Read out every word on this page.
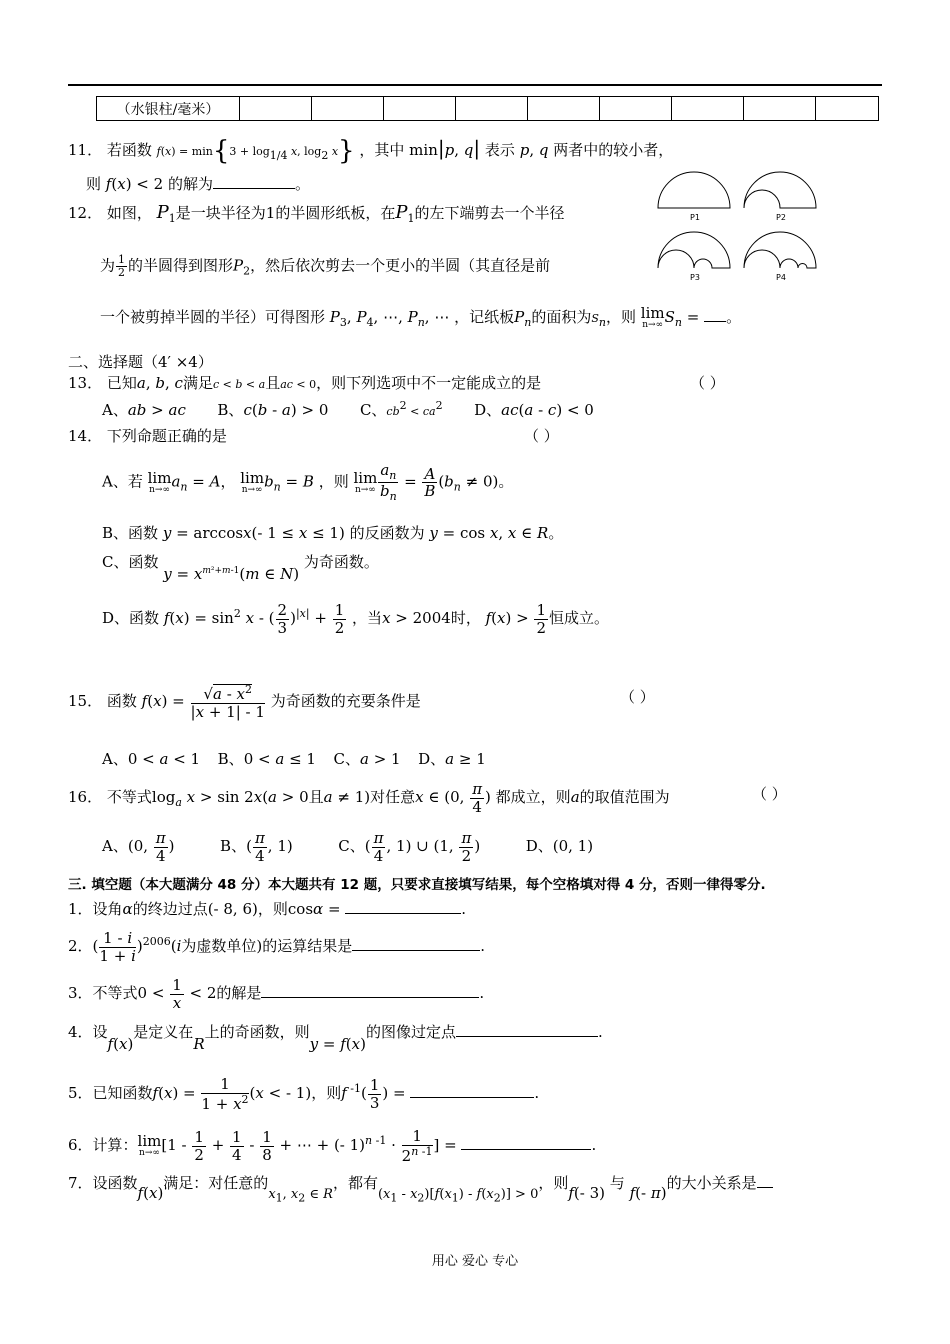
（水银柱/毫米）									
11． 若函数 $f(x) = \min\{3 + \log_{1/4} x$, $\log_2 x$} ，其中 min|p, q| 表示 p, q 两者中的较小者，
则 f(x) < 2 的解为	。
12． 如图， $P_1$是一块半径为1的半圆形纸板，在$P_1$的左下端剪去一个半径
为 $\frac{1}{2}$ 的半圆得到图形$P_2$，然后依次剪去一个更小的半圆（其直径是前
一个被剪掉半圆的半径）可得图形 $P_3$, $P_4$, ⋯, $P_n$, ⋯ ，记纸板$P_n$的面积为$S_n$，则 lim
n→∞ $S_n$ = 。
P1	P2
P3	P4
二、选择题（4′ ×4）
13． 已知a, b, c满足c < b < a且ac < 0，则下列选项中不一定能成立的是	（ ）
A、ab > ac B、c(b - a) > 0  C、$cb^2 < ca^2$ D、ac(a - c) < 0
14． 下列命题正确的是	（ ）
A、若 lim
n→∞ $a_n = A$， lim
n→∞ $b_n = B$ ，则 lim
$n\to\infty \frac{a_n}{b_n} = \frac{A}{B} (b_n \ne 0)$。
B、函数 y = arccosx(- 1 ≤ x ≤ 1) 的反函数为 y = cos x, x ∈ R。
C、函数 $y = x^{m^2+m-1}(m$ ∈ N) 为奇函数。
D、函数 $f(x) = \sin^2 x$ - ( $\frac{2}{3} )^{|x|} + \frac{1}{2}$ ，当x > 2004时， $f(x) > \frac{1}{2}$ 恒成立。
15． 函数 $f(x) = \frac{√a - x^2}{|x + 1| - 1}$ 为奇函数的充要条件是	（ ）
A、0 < a < 1  B、0 < a ≤ 1  C、a > 1  D、a ≥ 1
16． 不等式$\log_a x > \sin 2x(a > 0$且a ≠ 1)对任意x ∈ (0, $\frac{\pi}{4}$ ) 都成立，则a的取值范围为	（ ）
A、(0, $\frac{\pi}{4}$ )	B、( $\frac{\pi}{4}$ , 1)	C、( $\frac{\pi}{4}$ , 1) ∪ (1, $\frac{\pi}{2}$ )	D、(0, 1)
三. 填空题（本大题满分 48 分）本大题共有 12 题，只要求直接填写结果，每个空格填对得 4 分，否则一律得零分.
1．设角α的终边过点(- 8, 6)，则cosα =	.
2．( $\frac{1 - i}{1 + i} )^{2006}(i$为虚数单位)的运算结果是	.
3．不等式$0 < \frac{1}{x} < 2$的解是	.
4．设f(x)是定义在R上的奇函数，则y = f(x)的图像过定点	.
5．已知函数$f(x) = \frac{1}{1 + x^2} (x$ < - 1)，则f $^{-1}( \frac{1}{3}$ ) =	.
6．计算： lim
n→∞ [$1 - \frac{1}{2} + \frac{1}{4} - \frac{1}{8}$ + ⋯ + (- $1)^{n -1} \cdot \frac{1}{2^{n -1}}$ ] =	.
7．设函数f(x)满足：对任意的$x_1$, $x_2$ ∈ R，都有$(x_1 - x_2)[f(x_1) - f(x_2)] > 0$，则f(- 3) 与 f(- π)的大小关系是
用心 爱心 专心
